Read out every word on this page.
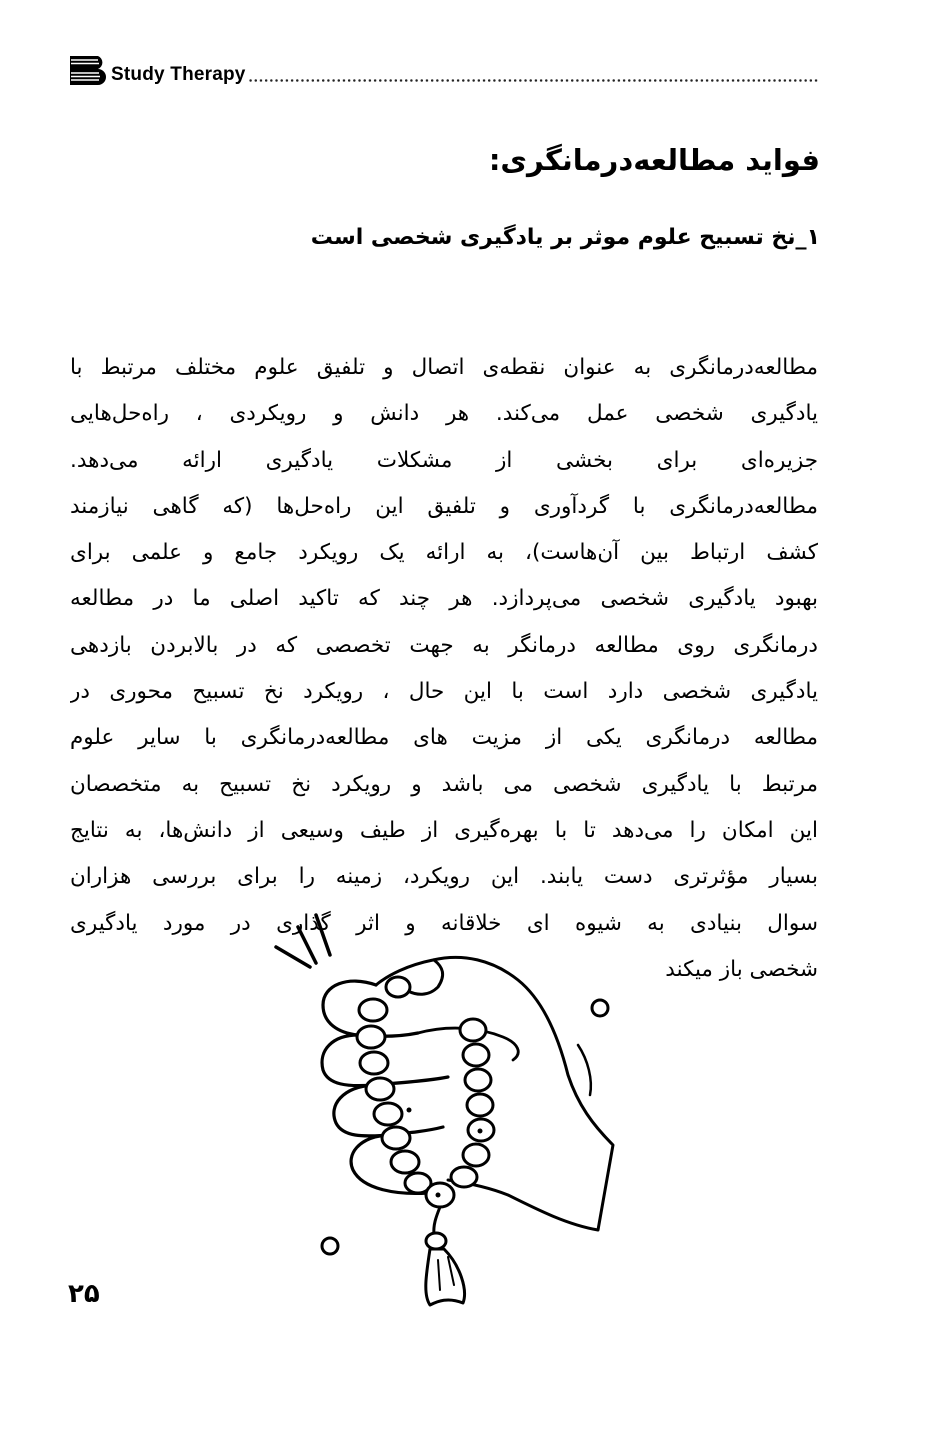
Study Therapy
فواید مطالعه‌درمانگری:
۱_نخ تسبیح علوم موثر بر یادگیری شخصی است
مطالعه‌درمانگری به عنوان نقطه‌ی اتصال و تلفیق علوم مختلف مرتبط با
یادگیری شخصی عمل می‌کند. هر دانش و رویکردی ، راه‌حل‌هایی
جزیره‌ای برای بخشی از مشکلات یادگیری ارائه می‌دهد.
مطالعه‌درمانگری با گردآوری و تلفیق این راه‌حل‌ها (که گاهی نیازمند
کشف ارتباط بین آن‌هاست)، به ارائه یک رویکرد جامع و علمی برای
بهبود یادگیری شخصی می‌پردازد. هر چند که تاکید اصلی ما در مطالعه
درمانگری روی مطالعه درمانگر به جهت تخصصی که در بالابردن بازدهی
یادگیری شخصی دارد است با این حال ، رویکرد نخ تسبیح محوری در
مطالعه درمانگری یکی از مزیت های مطالعه‌درمانگری با سایر علوم
مرتبط با یادگیری شخصی می باشد و رویکرد نخ تسبیح به متخصصان
این امکان را می‌دهد تا با بهره‌گیری از طیف وسیعی از دانش‌ها، به نتایج
بسیار مؤثرتری دست یابند. این رویکرد، زمینه را برای بررسی هزاران
سوال بنیادی به شیوه ای خلاقانه و اثر گذاری در مورد یادگیری
شخصی باز میکند
۲۵
